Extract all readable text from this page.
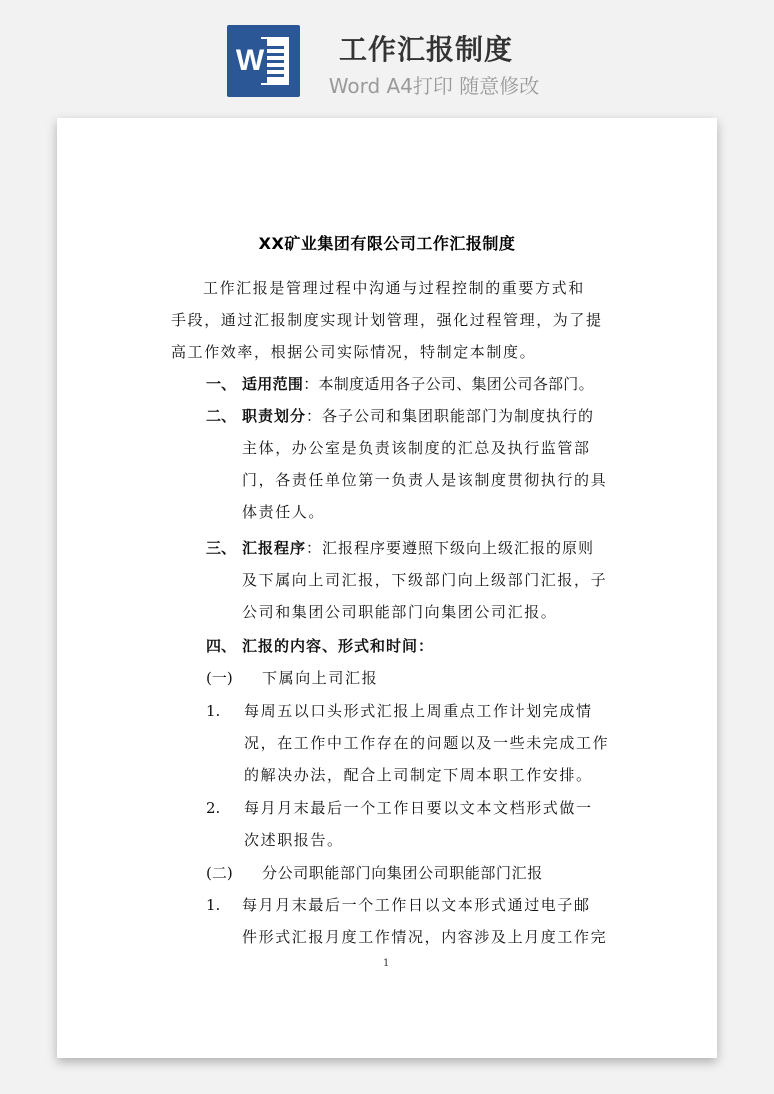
W	工作汇报制度
Word A4打印 随意修改
XX矿业集团有限公司工作汇报制度
工作汇报是管理过程中沟通与过程控制的重要方式和
手段，通过汇报制度实现计划管理，强化过程管理，为了提
高工作效率，根据公司实际情况，特制定本制度。
一、 适用范围：本制度适用各子公司、集团公司各部门。
二、 职责划分：各子公司和集团职能部门为制度执行的
主体，办公室是负责该制度的汇总及执行监管部
门，各责任单位第一负责人是该制度贯彻执行的具
体责任人。
三、 汇报程序：汇报程序要遵照下级向上级汇报的原则
及下属向上司汇报，下级部门向上级部门汇报，子
公司和集团公司职能部门向集团公司汇报。
四、 汇报的内容、形式和时间：
(一) 下属向上司汇报
1. 每周五以口头形式汇报上周重点工作计划完成情
况，在工作中工作存在的问题以及一些未完成工作
的解决办法，配合上司制定下周本职工作安排。
2. 每月月末最后一个工作日要以文本文档形式做一
次述职报告。
(二) 分公司职能部门向集团公司职能部门汇报
1. 每月月末最后一个工作日以文本形式通过电子邮
件形式汇报月度工作情况，内容涉及上月度工作完
1
